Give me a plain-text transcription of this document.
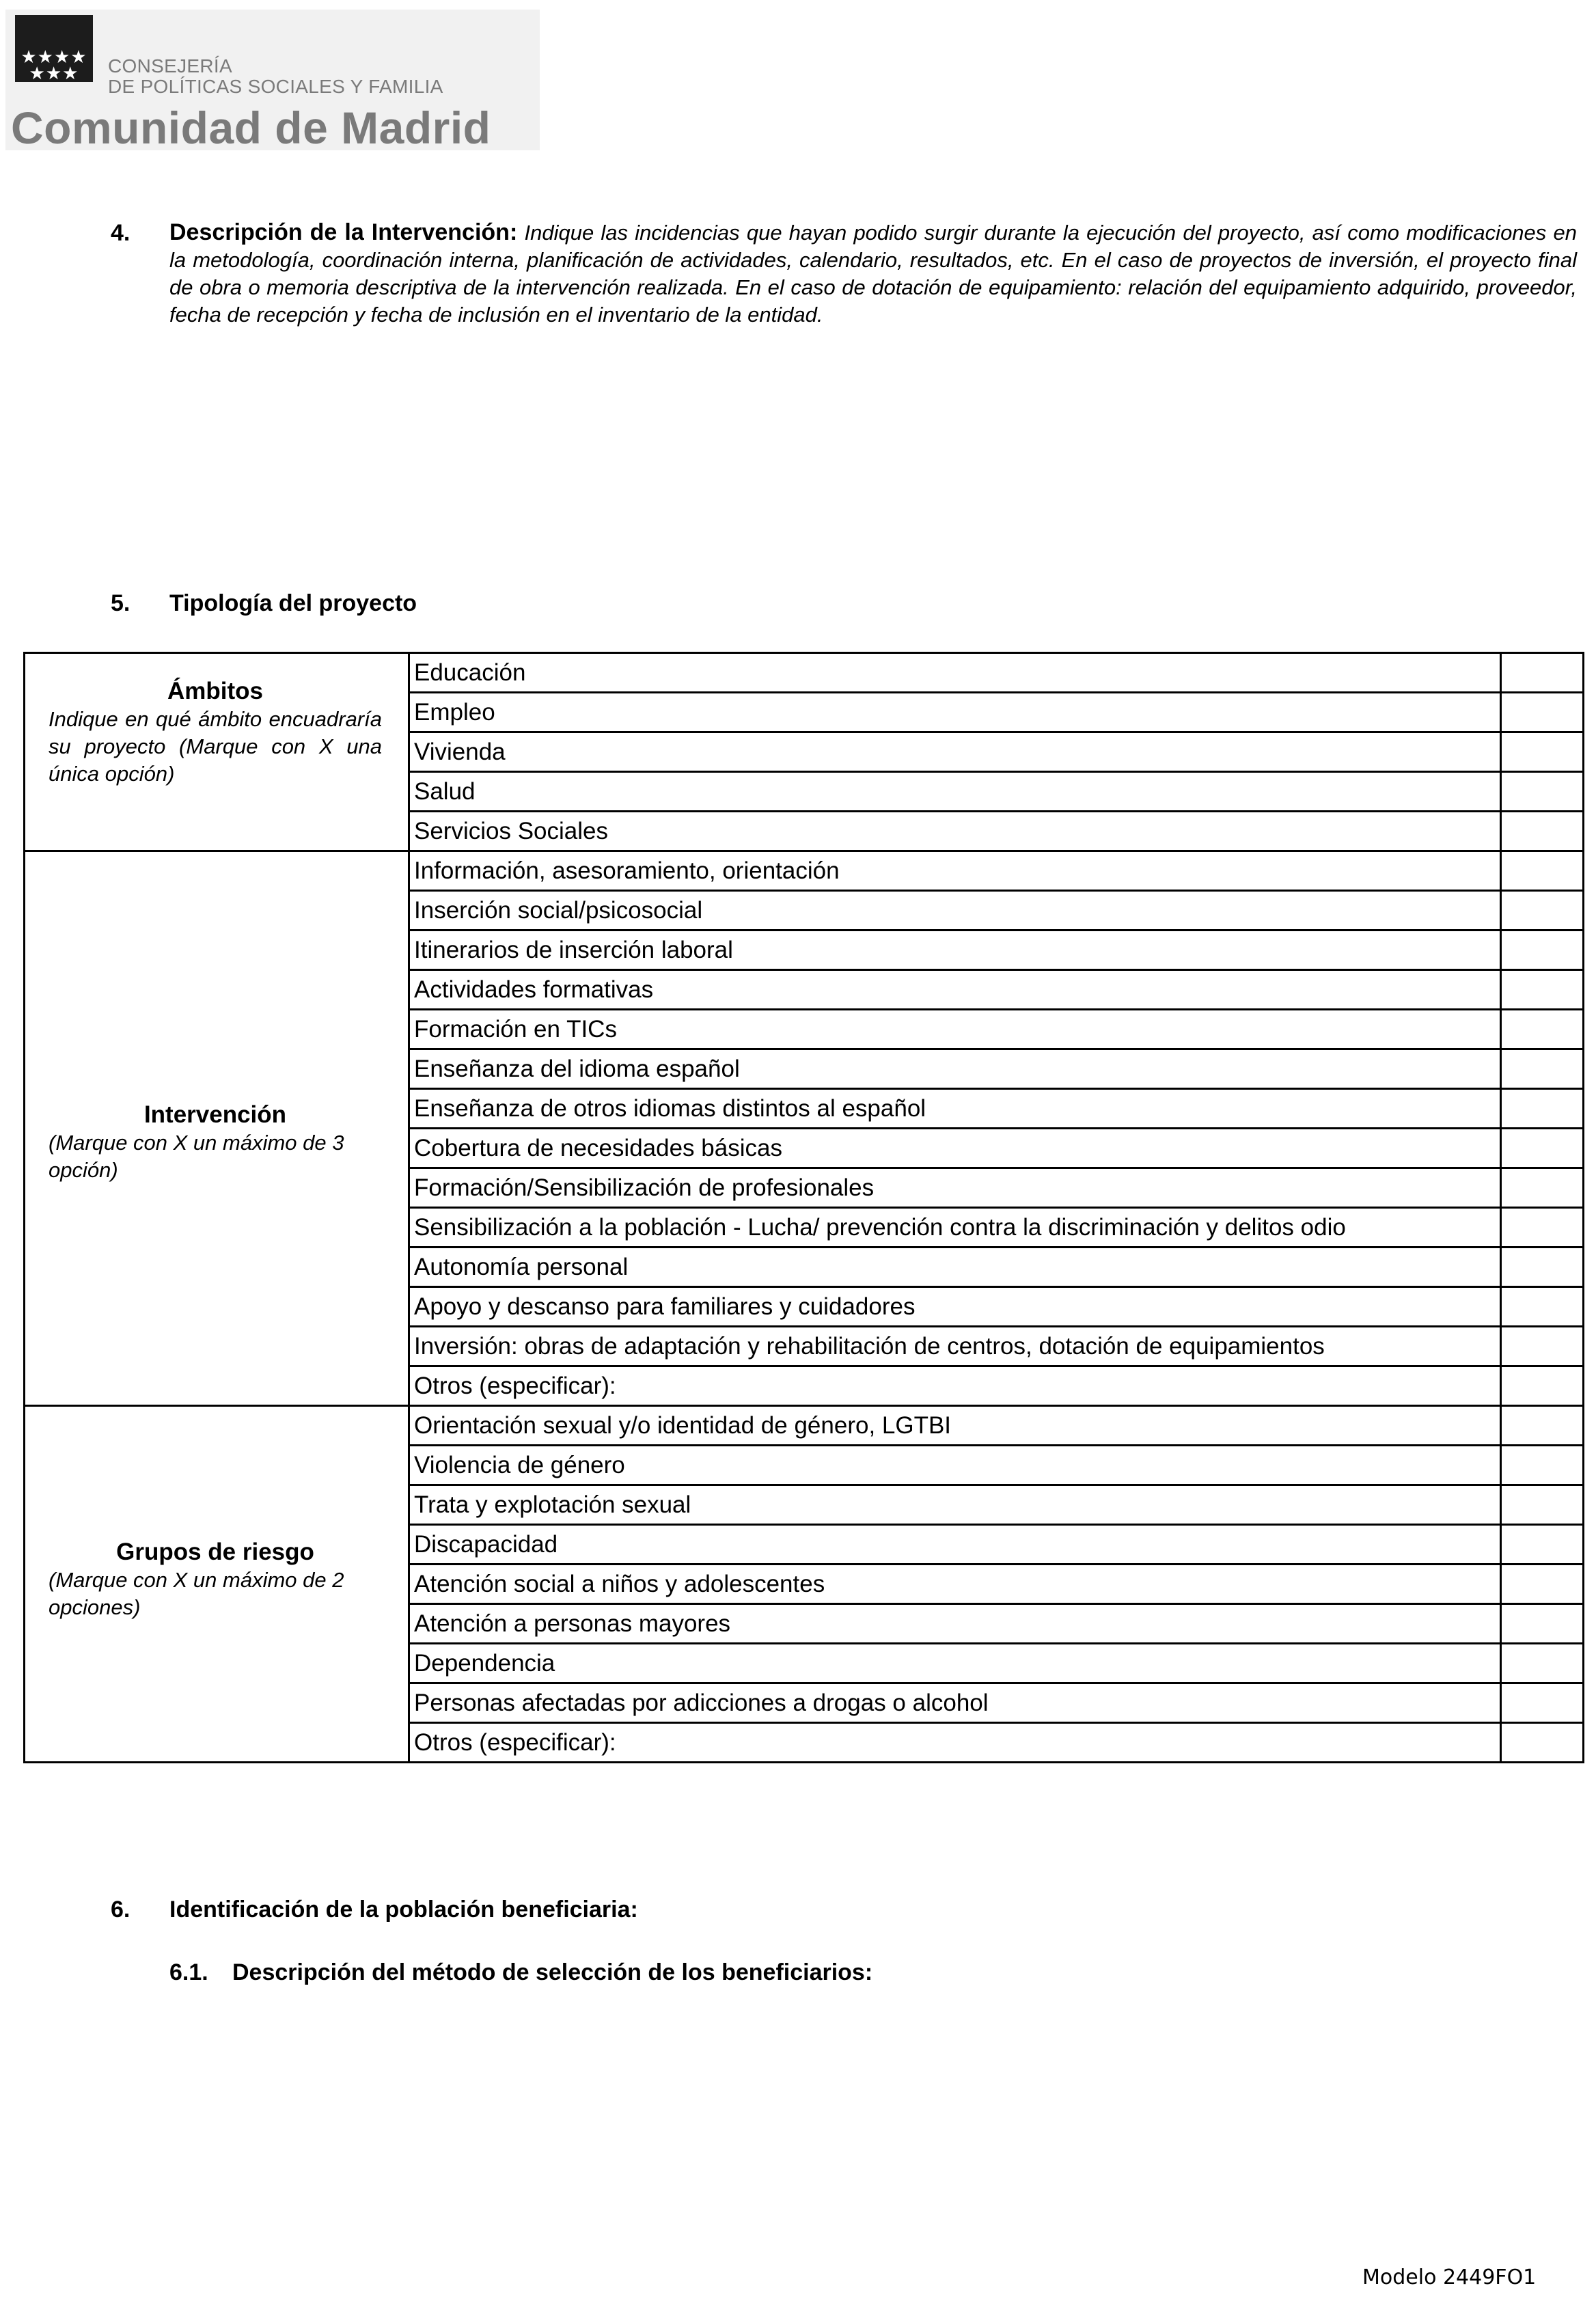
★★★★
★★★	CONSEJERÍA
DE POLÍTICAS SOCIALES Y FAMILIA
Comunidad de Madrid
4. Descripción de la Intervención: Indique las incidencias que hayan podido surgir durante la ejecución del proyecto, así como modificaciones en la metodología, coordinación interna, planificación de actividades, calendario, resultados, etc. En el caso de proyectos de inversión, el proyecto final de obra o memoria descriptiva de la intervención realizada. En el caso de dotación de equipamiento: relación del equipamiento adquirido, proveedor, fecha de recepción y fecha de inclusión en el inventario de la entidad.
5. Tipología del proyecto
Ámbitos
Indique en qué ámbito encuadraría su proyecto (Marque con X una única opción)	Educación	
	Empleo	
	Vivienda	
	Salud	
	Servicios Sociales	

Intervención
(Marque con X un máximo de 3 opción)	Información, asesoramiento, orientación	
	Inserción social/psicosocial	
	Itinerarios de inserción laboral	
	Actividades formativas	
	Formación en TICs	
	Enseñanza del idioma español	
	Enseñanza de otros idiomas distintos al español	
	Cobertura de necesidades básicas	
	Formación/Sensibilización de profesionales	
	Sensibilización a la población - Lucha/ prevención contra la discriminación y delitos odio	
	Autonomía personal	
	Apoyo y descanso para familiares y cuidadores	
	Inversión: obras de adaptación y rehabilitación de centros, dotación de equipamientos	
	Otros (especificar):	

Grupos de riesgo
(Marque con X un máximo de 2 opciones)	Orientación sexual y/o identidad de género, LGTBI	
	Violencia de género	
	Trata y explotación sexual	
	Discapacidad	
	Atención social a niños y adolescentes	
	Atención a personas mayores	
	Dependencia	
	Personas afectadas por adicciones a drogas o alcohol	
	Otros (especificar):	
6. Identificación de la población beneficiaria:
6.1. Descripción del método de selección de los beneficiarios:
Modelo 2449FO1
